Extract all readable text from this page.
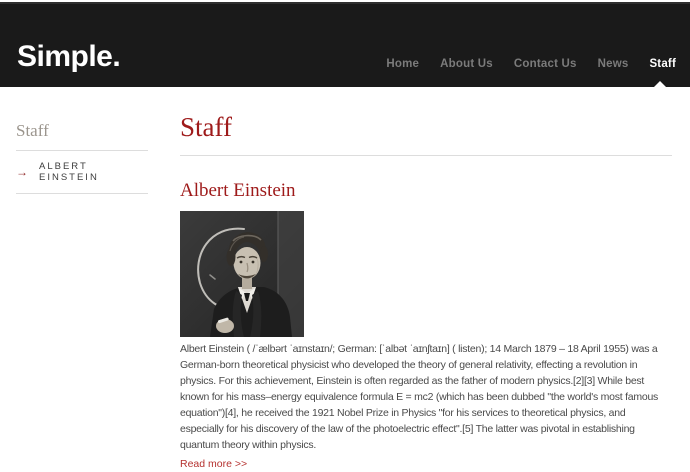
Simple.	Home About Us Contact Us News Staff
Staff
→ ALBERT EINSTEIN
Staff
Albert Einstein

Albert Einstein ( /ˈælbərt ˈaɪnstaɪn/; German: [ˈalbət ˈaɪnʃtaɪn] ( listen); 14 March 1879 – 18 April 1955) was a German-born theoretical physicist who developed the theory of general relativity, effecting a revolution in physics. For this achievement, Einstein is often regarded as the father of modern physics.[2][3] While best known for his mass–energy equivalence formula E = mc2 (which has been dubbed "the world's most famous equation")[4], he received the 1921 Nobel Prize in Physics "for his services to theoretical physics, and especially for his discovery of the law of the photoelectric effect".[5] The latter was pivotal in establishing quantum theory within physics.

Read more >>
